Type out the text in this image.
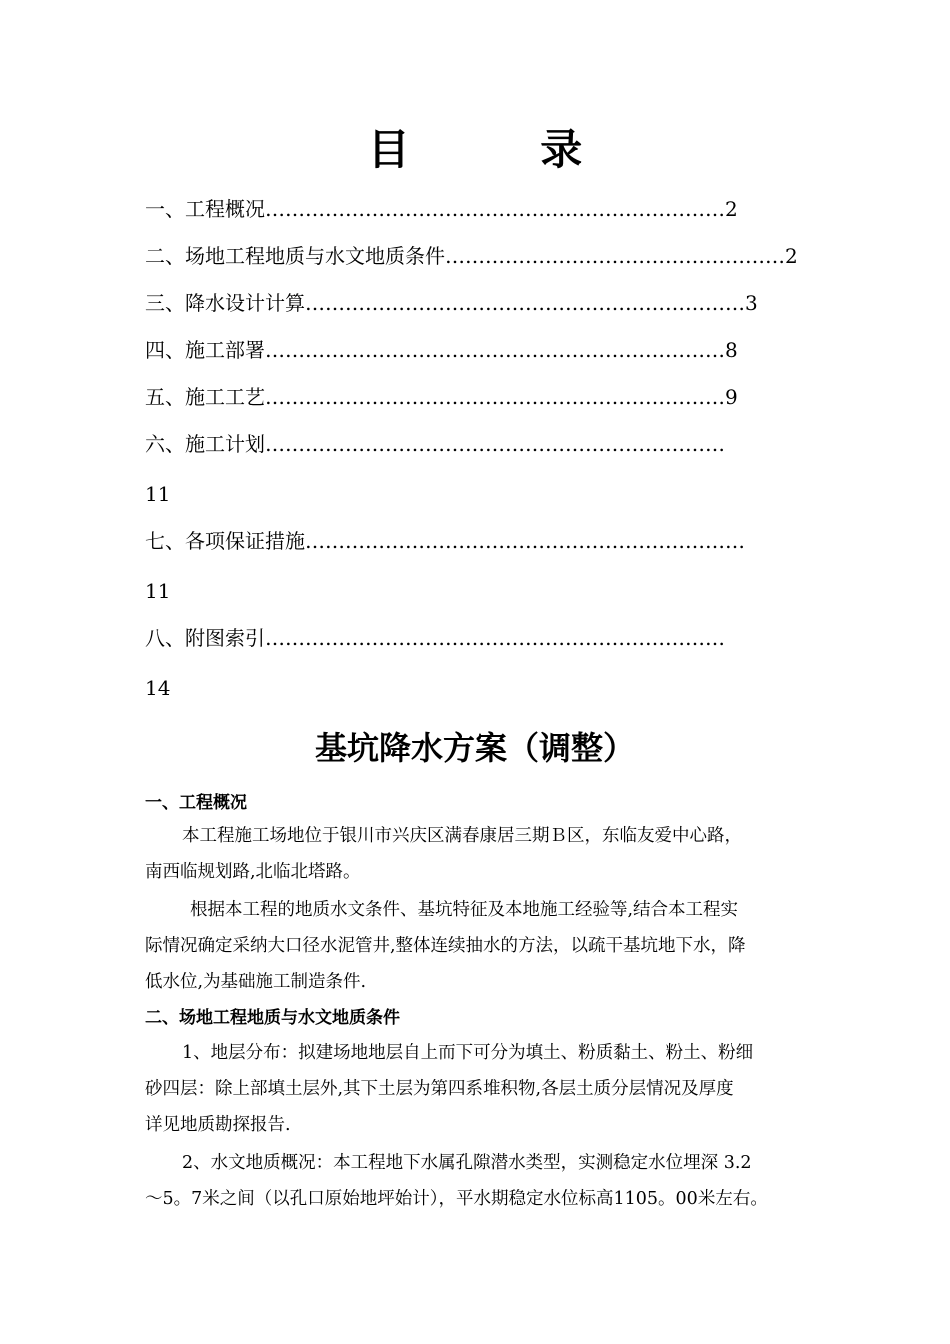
目 录
一、工程概况……………………………………………………………2
二、场地工程地质与水文地质条件……………………………………………2
三、降水设计计算…………………………………………………………3
四、施工部署……………………………………………………………8
五、施工工艺……………………………………………………………9
六、施工计划……………………………………………………………
11
七、各项保证措施…………………………………………………………
11
八、附图索引……………………………………………………………
14
基坑降水方案（调整）
一、工程概况
本工程施工场地位于银川市兴庆区满春康居三期Ｂ区，东临友爱中心路，
南西临规划路,北临北塔路。
根据本工程的地质水文条件、基坑特征及本地施工经验等,结合本工程实
际情况确定采纳大口径水泥管井,整体连续抽水的方法，以疏干基坑地下水，降
低水位,为基础施工制造条件.
二、场地工程地质与水文地质条件
1、地层分布：拟建场地地层自上而下可分为填土、粉质黏土、粉土、粉细
砂四层：除上部填土层外,其下土层为第四系堆积物,各层土质分层情况及厚度
详见地质勘探报告.
2、水文地质概况：本工程地下水属孔隙潜水类型，实测稳定水位埋深 3.2
～5。7米之间（以孔口原始地坪始计），平水期稳定水位标高1105。00米左右。
